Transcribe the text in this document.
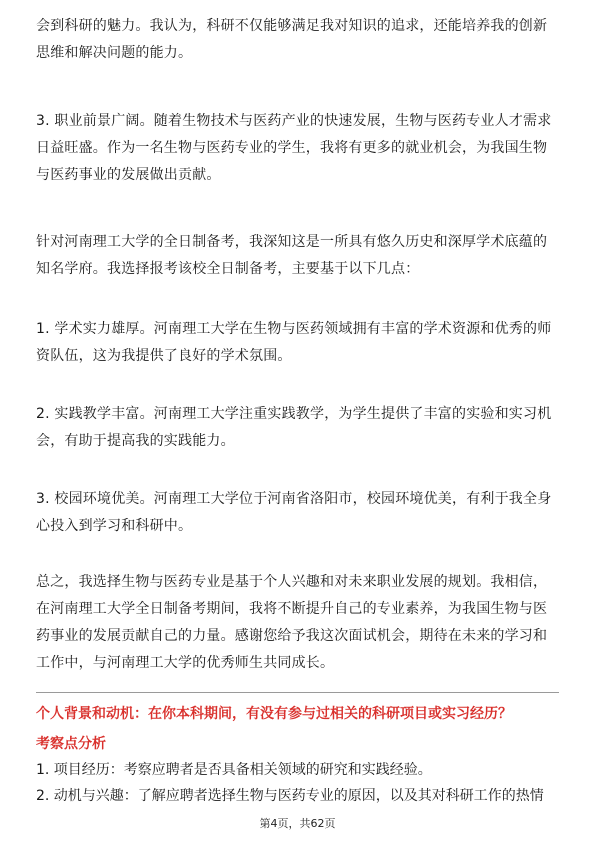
会到科研的魅力。我认为，科研不仅能够满足我对知识的追求，还能培养我的创新思维和解决问题的能力。

3. 职业前景广阔。随着生物技术与医药产业的快速发展，生物与医药专业人才需求日益旺盛。作为一名生物与医药专业的学生，我将有更多的就业机会，为我国生物与医药事业的发展做出贡献。

针对河南理工大学的全日制备考，我深知这是一所具有悠久历史和深厚学术底蕴的知名学府。我选择报考该校全日制备考，主要基于以下几点：

1. 学术实力雄厚。河南理工大学在生物与医药领域拥有丰富的学术资源和优秀的师资队伍，这为我提供了良好的学术氛围。

2. 实践教学丰富。河南理工大学注重实践教学，为学生提供了丰富的实验和实习机会，有助于提高我的实践能力。

3. 校园环境优美。河南理工大学位于河南省洛阳市，校园环境优美，有利于我全身心投入到学习和科研中。

总之，我选择生物与医药专业是基于个人兴趣和对未来职业发展的规划。我相信，在河南理工大学全日制备考期间，我将不断提升自己的专业素养，为我国生物与医药事业的发展贡献自己的力量。感谢您给予我这次面试机会，期待在未来的学习和工作中，与河南理工大学的优秀师生共同成长。

个人背景和动机：在你本科期间，有没有参与过相关的科研项目或实习经历？

考察点分析

1. 项目经历：考察应聘者是否具备相关领域的研究和实践经验。

2. 动机与兴趣：了解应聘者选择生物与医药专业的原因，以及其对科研工作的热情

第4页，共62页
